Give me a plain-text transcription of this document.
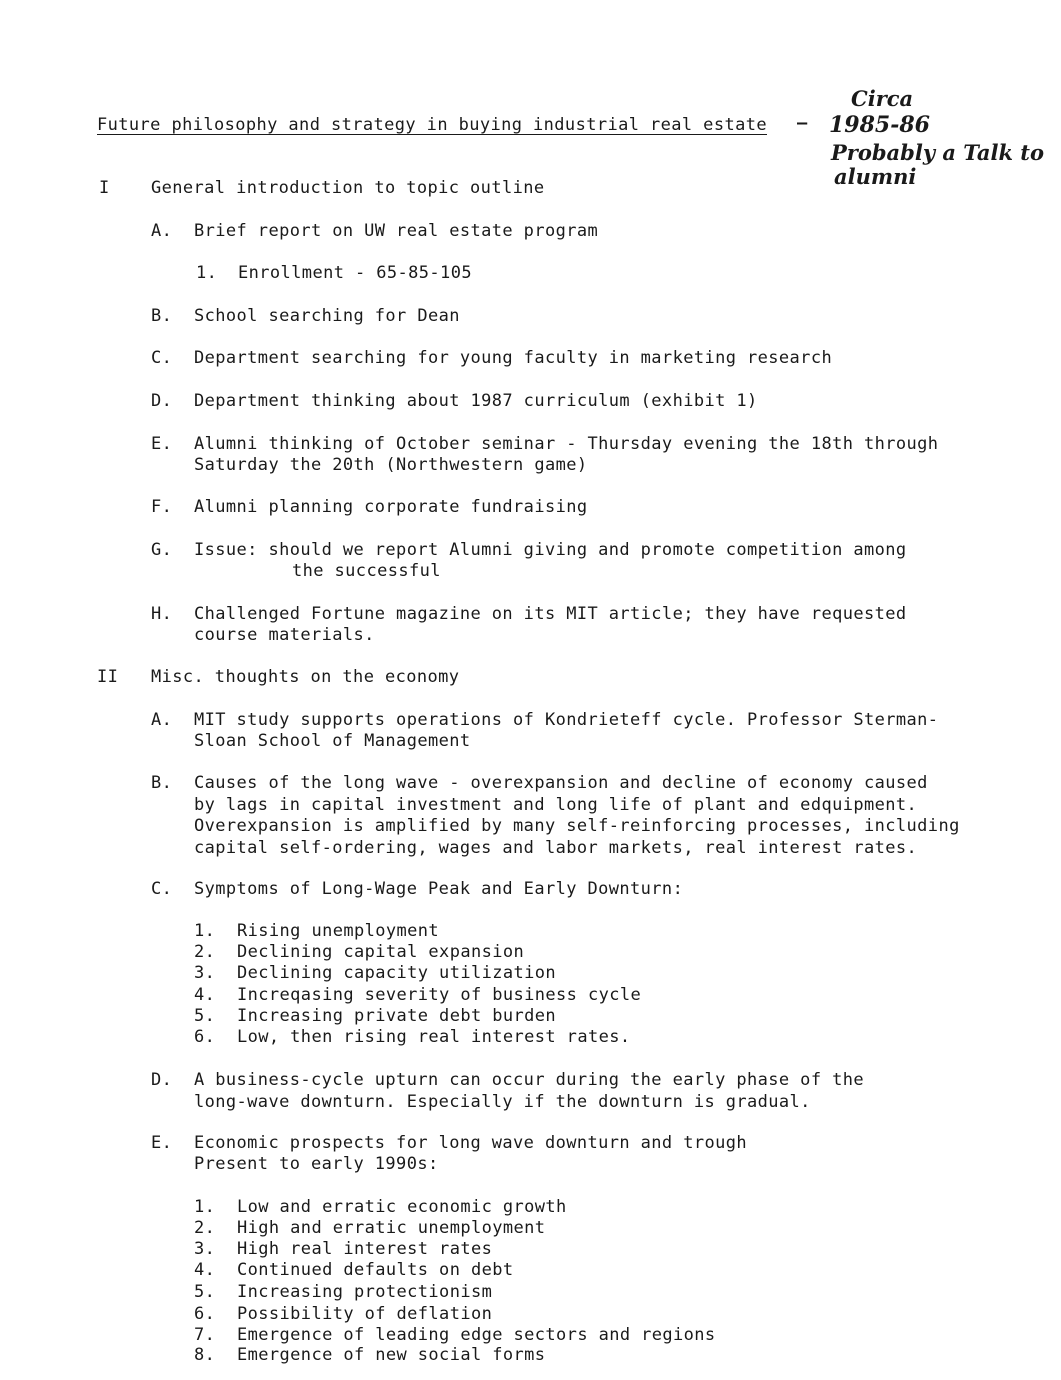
Future philosophy and strategy in buying industrial real estate —
Circa
1985-86
Probably a Talk to
alumni
I General introduction to topic outline
A. Brief report on UW real estate program
1. Enrollment - 65-85-105
B. School searching for Dean
C. Department searching for young faculty in marketing research
D. Department thinking about 1987 curriculum (exhibit 1)
E. Alumni thinking of October seminar - Thursday evening the 18th through
Saturday the 20th (Northwestern game)
F. Alumni planning corporate fundraising
G. Issue: should we report Alumni giving and promote competition among
the successful
H. Challenged Fortune magazine on its MIT article; they have requested
course materials.
II Misc. thoughts on the economy
A. MIT study supports operations of Kondrieteff cycle. Professor Sterman-
Sloan School of Management
B. Causes of the long wave - overexpansion and decline of economy caused
by lags in capital investment and long life of plant and edquipment.
Overexpansion is amplified by many self-reinforcing processes, including
capital self-ordering, wages and labor markets, real interest rates.
C. Symptoms of Long-Wage Peak and Early Downturn:
1. Rising unemployment
2. Declining capital expansion
3. Declining capacity utilization
4. Increqasing severity of business cycle
5. Increasing private debt burden
6. Low, then rising real interest rates.
D. A business-cycle upturn can occur during the early phase of the
long-wave downturn. Especially if the downturn is gradual.
E. Economic prospects for long wave downturn and trough
Present to early 1990s:
1. Low and erratic economic growth
2. High and erratic unemployment
3. High real interest rates
4. Continued defaults on debt
5. Increasing protectionism
6. Possibility of deflation
7. Emergence of leading edge sectors and regions
8. Emergence of new social forms
